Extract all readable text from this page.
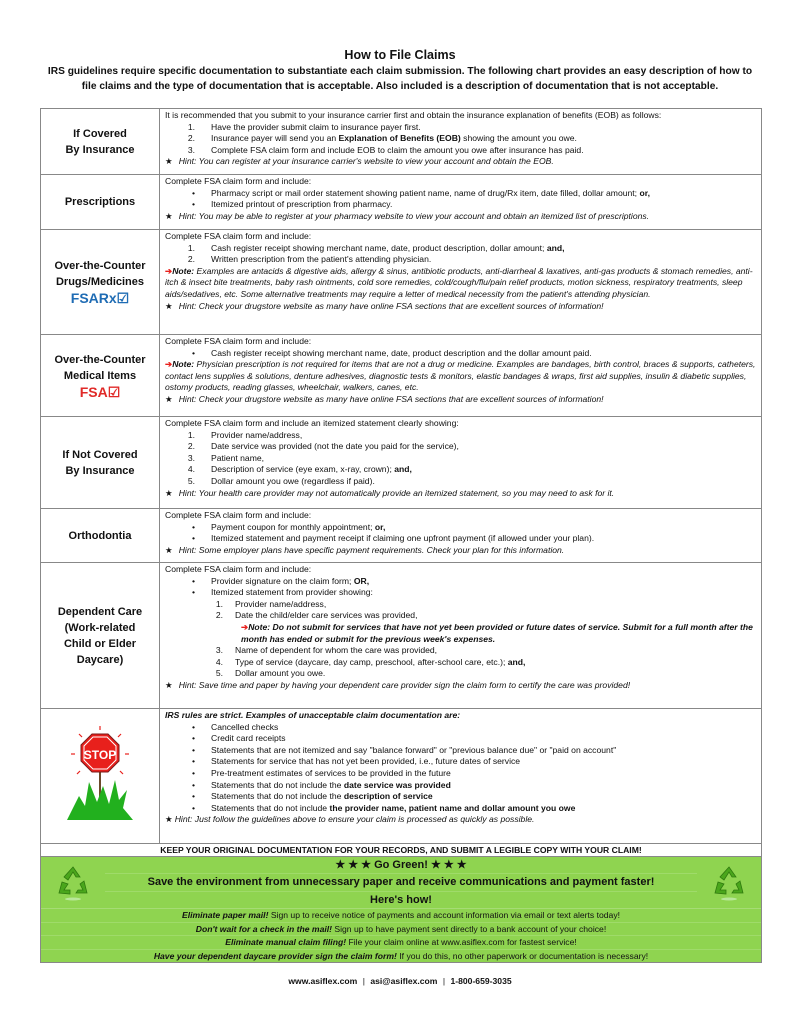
How to File Claims
IRS guidelines require specific documentation to substantiate each claim submission. The following chart provides an easy description of how to file claims and the type of documentation that is acceptable. Also included is a description of documentation that is not acceptable.
If Covered
By Insurance

It is recommended that you submit to your insurance carrier first and obtain the insurance explanation of benefits (EOB) as follows:
1.	Have the provider submit claim to insurance payer first.
2.	Insurance payer will send you an Explanation of Benefits (EOB) showing the amount you owe.
3.	Complete FSA claim form and include EOB to claim the amount you owe after insurance has paid.
★ Hint: You can register at your insurance carrier's website to view your account and obtain the EOB.

Prescriptions	
Complete FSA claim form and include:
•	Pharmacy script or mail order statement showing patient name, name of drug/Rx item, date filled, dollar amount; or,
•	Itemized printout of prescription from pharmacy.
★ Hint: You may be able to register at your pharmacy website to view your account and obtain an itemized list of prescriptions.

Over-the-Counter
Drugs/Medicines
FSARx☑

Complete FSA claim form and include:
1.	Cash register receipt showing merchant name, date, product description, dollar amount; and,
2.	Written prescription from the patient's attending physician.
➔Note: Examples are antacids & digestive aids, allergy & sinus, antibiotic products, anti-diarrheal & laxatives, anti-gas products & stomach remedies, anti-itch & insect bite treatments, baby rash ointments, cold sore remedies, cold/cough/flu/pain relief products, motion sickness, respiratory treatments, sleep aids/sedatives, etc. Some alternative treatments may require a letter of medical necessity from the patient's attending physician.
★ Hint: Check your drugstore website as many have online FSA sections that are excellent sources of information!

Over-the-Counter
Medical Items
FSA☑

Complete FSA claim form and include:
•	Cash register receipt showing merchant name, date, product description and the dollar amount paid.
➔Note: Physician prescription is not required for items that are not a drug or medicine. Examples are bandages, birth control, braces & supports, catheters, contact lens supplies & solutions, denture adhesives, diagnostic tests & monitors, elastic bandages & wraps, first aid supplies, insulin & diabetic supplies, ostomy products, reading glasses, wheelchair, walkers, canes, etc.
★ Hint: Check your drugstore website as many have online FSA sections that are excellent sources of information!

If Not Covered
By Insurance

Complete FSA claim form and include an itemized statement clearly showing:
1.	Provider name/address,
2.	Date service was provided (not the date you paid for the service),
3.	Patient name,
4.	Description of service (eye exam, x-ray, crown); and,
5.	Dollar amount you owe (regardless if paid).
★ Hint: Your health care provider may not automatically provide an itemized statement, so you may need to ask for it.

Orthodontia	
Complete FSA claim form and include:
•	Payment coupon for monthly appointment; or,
•	Itemized statement and payment receipt if claiming one upfront payment (if allowed under your plan).
★ Hint: Some employer plans have specific payment requirements. Check your plan for this information.

Dependent Care
(Work-related
Child or Elder
Daycare)

Complete FSA claim form and include:
•	Provider signature on the claim form; OR,
•	Itemized statement from provider showing:
1.	Provider name/address,
2.	Date the child/elder care services was provided,
➔Note: Do not submit for services that have not yet been provided or future dates of service. Submit for a full month after the month has ended or submit for the previous week's expenses.
3.	Name of dependent for whom the care was provided,
4.	Type of service (daycare, day camp, preschool, after-school care, etc.); and,
5.	Dollar amount you owe.
★ Hint: Save time and paper by having your dependent care provider sign the claim form to certify the care was provided!

STOP

IRS rules are strict. Examples of unacceptable claim documentation are:
•	Cancelled checks
•	Credit card receipts
•	Statements that are not itemized and say "balance forward" or "previous balance due" or "paid on account"
•	Statements for service that has not yet been provided, i.e., future dates of service
•	Pre-treatment estimates of services to be provided in the future
•	Statements that do not include the date service was provided
•	Statements that do not include the description of service
•	Statements that do not include the provider name, patient name and dollar amount you owe
★ Hint: Just follow the guidelines above to ensure your claim is processed as quickly as possible.

KEEP YOUR ORIGINAL DOCUMENTATION FOR YOUR RECORDS, AND SUBMIT A LEGIBLE COPY WITH YOUR CLAIM!	

★ ★ ★ Go Green! ★ ★ ★
Save the environment from unnecessary paper and receive communications and payment faster!
Here's how!
Eliminate paper mail! Sign up to receive notice of payments and account information via email or text alerts today!
Don't wait for a check in the mail! Sign up to have payment sent directly to a bank account of your choice!
Eliminate manual claim filing! File your claim online at www.asiflex.com for fastest service!
Have your dependent daycare provider sign the claim form! If you do this, no other paperwork or documentation is necessary!
www.asiflex.com | asi@asiflex.com | 1-800-659-3035
